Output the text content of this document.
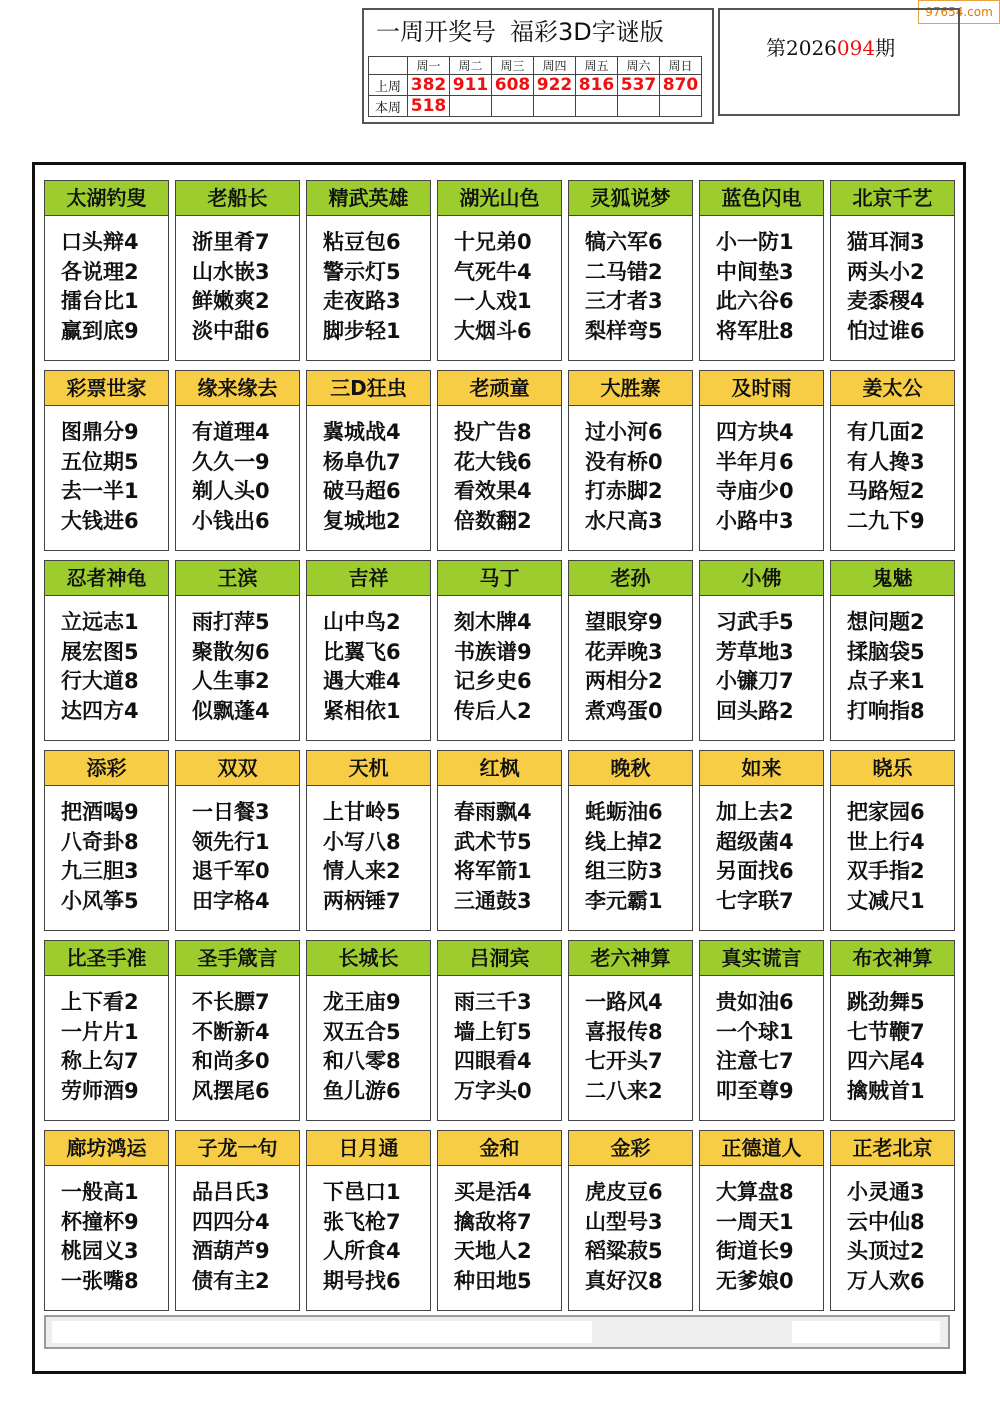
97654.com
一周开奖号 福彩3D字谜版
	周一	周二	周三	周四	周五	周六	周日
上周	382	911	608	922	816	537	870
本周	518						
第2026094期
太湖钓叟
口头辩4
各说理2
擂台比1
赢到底9
老船长
浙里肴7
山水嵌3
鲜嫩爽2
淡中甜6
精武英雄
粘豆包6
警示灯5
走夜路3
脚步轻1
湖光山色
十兄弟0
气死牛4
一人戏1
大烟斗6
灵狐说梦
犒六军6
二马错2
三才者3
梨样弯5
蓝色闪电
小一防1
中间垫3
此六谷6
将军肚8
北京千艺
猫耳洞3
两头小2
麦黍稷4
怕过谁6
彩票世家
图鼎分9
五位期5
去一半1
大钱进6
缘来缘去
有道理4
久久一9
剃人头0
小钱出6
三D狂虫
冀城战4
杨阜仇7
破马超6
复城地2
老顽童
投广告8
花大钱6
看效果4
倍数翻2
大胜寨
过小河6
没有桥0
打赤脚2
水尺高3
及时雨
四方块4
半年月6
寺庙少0
小路中3
姜太公
有几面2
有人搀3
马路短2
二九下9
忍者神龟
立远志1
展宏图5
行大道8
达四方4
王滨
雨打萍5
聚散匆6
人生事2
似飘蓬4
吉祥
山中鸟2
比翼飞6
遇大难4
紧相依1
马丁
刻木牌4
书族谱9
记乡史6
传后人2
老孙
望眼穿9
花弄晚3
两相分2
煮鸡蛋0
小佛
习武手5
芳草地3
小镰刀7
回头路2
鬼魅
想问题2
揉脑袋5
点子来1
打响指8
添彩
把酒喝9
八奇卦8
九三胆3
小风筝5
双双
一日餐3
领先行1
退千军0
田字格4
天机
上甘岭5
小写八8
情人来2
两柄锤7
红枫
春雨飘4
武术节5
将军箭1
三通鼓3
晚秋
蚝蛎油6
线上掉2
组三防3
李元霸1
如来
加上去2
超级菌4
另面找6
七字联7
晓乐
把家园6
世上行4
双手指2
丈减尺1
比圣手准
上下看2
一片片1
称上勾7
劳师酒9
圣手箴言
不长膘7
不断新4
和尚多0
风摆尾6
长城长
龙王庙9
双五合5
和八零8
鱼儿游6
吕洞宾
雨三千3
墙上钉5
四眼看4
万字头0
老六神算
一路风4
喜报传8
七开头7
二八来2
真实谎言
贵如油6
一个球1
注意七7
叩至尊9
布衣神算
跳劲舞5
七节鞭7
四六尾4
擒贼首1
廊坊鸿运
一般高1
杯撞杯9
桃园义3
一张嘴8
子龙一句
品吕氏3
四四分4
酒葫芦9
债有主2
日月通
下邑口1
张飞枪7
人所食4
期号找6
金和
买是活4
擒敌将7
天地人2
种田地5
金彩
虎皮豆6
山型号3
稻粱菽5
真好汉8
正德道人
大算盘8
一周天1
街道长9
无爹娘0
正老北京
小灵通3
云中仙8
头顶过2
万人欢6
